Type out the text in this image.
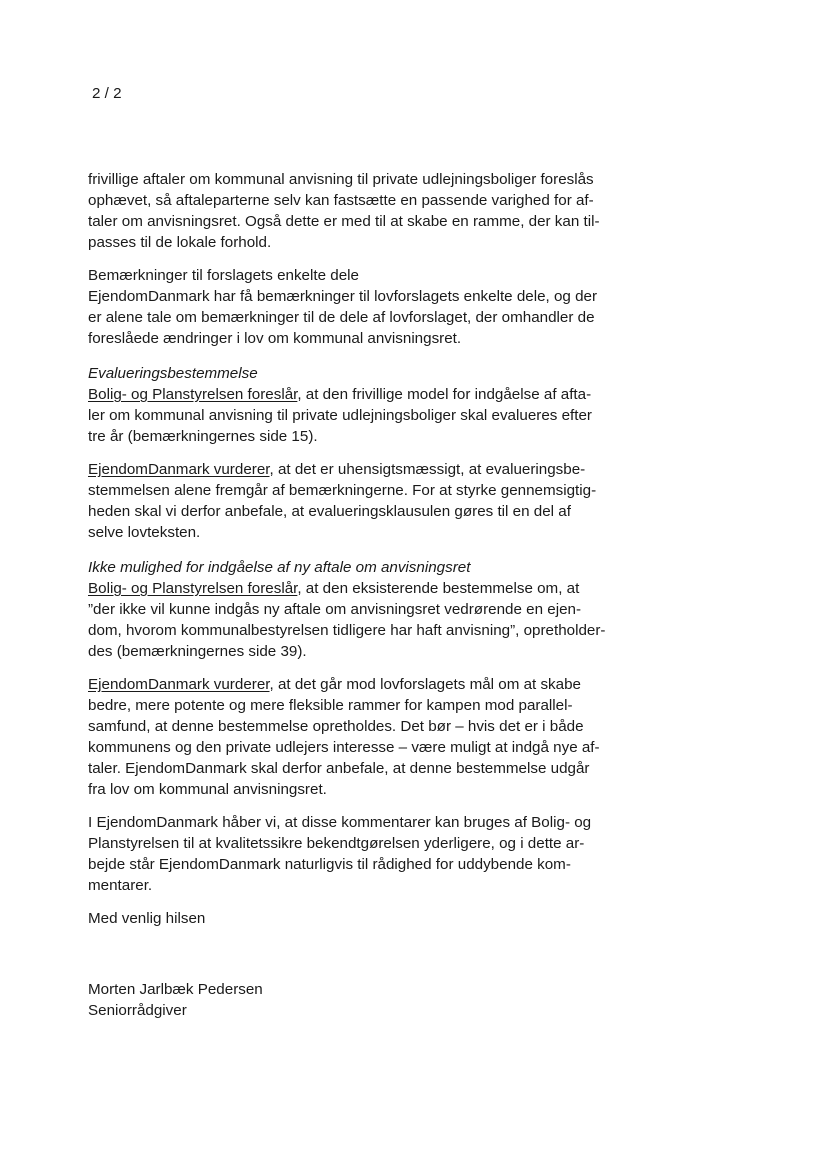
2 / 2
frivillige aftaler om kommunal anvisning til private udlejningsboliger foreslås
ophævet, så aftaleparterne selv kan fastsætte en passende varighed for af-
taler om anvisningsret. Også dette er med til at skabe en ramme, der kan til-
passes til de lokale forhold.
Bemærkninger til forslagets enkelte dele
EjendomDanmark har få bemærkninger til lovforslagets enkelte dele, og der
er alene tale om bemærkninger til de dele af lovforslaget, der omhandler de
foreslåede ændringer i lov om kommunal anvisningsret.
Evalueringsbestemmelse
Bolig- og Planstyrelsen foreslår, at den frivillige model for indgåelse af afta-
ler om kommunal anvisning til private udlejningsboliger skal evalueres efter
tre år (bemærkningernes side 15).
EjendomDanmark vurderer, at det er uhensigtsmæssigt, at evalueringsbe-
stemmelsen alene fremgår af bemærkningerne. For at styrke gennemsigtig-
heden skal vi derfor anbefale, at evalueringsklausulen gøres til en del af
selve lovteksten.
Ikke mulighed for indgåelse af ny aftale om anvisningsret
Bolig- og Planstyrelsen foreslår, at den eksisterende bestemmelse om, at
”der ikke vil kunne indgås ny aftale om anvisningsret vedrørende en ejen-
dom, hvorom kommunalbestyrelsen tidligere har haft anvisning”, opretholder-
des (bemærkningernes side 39).
EjendomDanmark vurderer, at det går mod lovforslagets mål om at skabe
bedre, mere potente og mere fleksible rammer for kampen mod parallel-
samfund, at denne bestemmelse opretholdes. Det bør – hvis det er i både
kommunens og den private udlejers interesse – være muligt at indgå nye af-
taler. EjendomDanmark skal derfor anbefale, at denne bestemmelse udgår
fra lov om kommunal anvisningsret.
I EjendomDanmark håber vi, at disse kommentarer kan bruges af Bolig- og
Planstyrelsen til at kvalitetssikre bekendtgørelsen yderligere, og i dette ar-
bejde står EjendomDanmark naturligvis til rådighed for uddybende kom-
mentarer.
Med venlig hilsen
Morten Jarlbæk Pedersen
Seniorrådgiver
